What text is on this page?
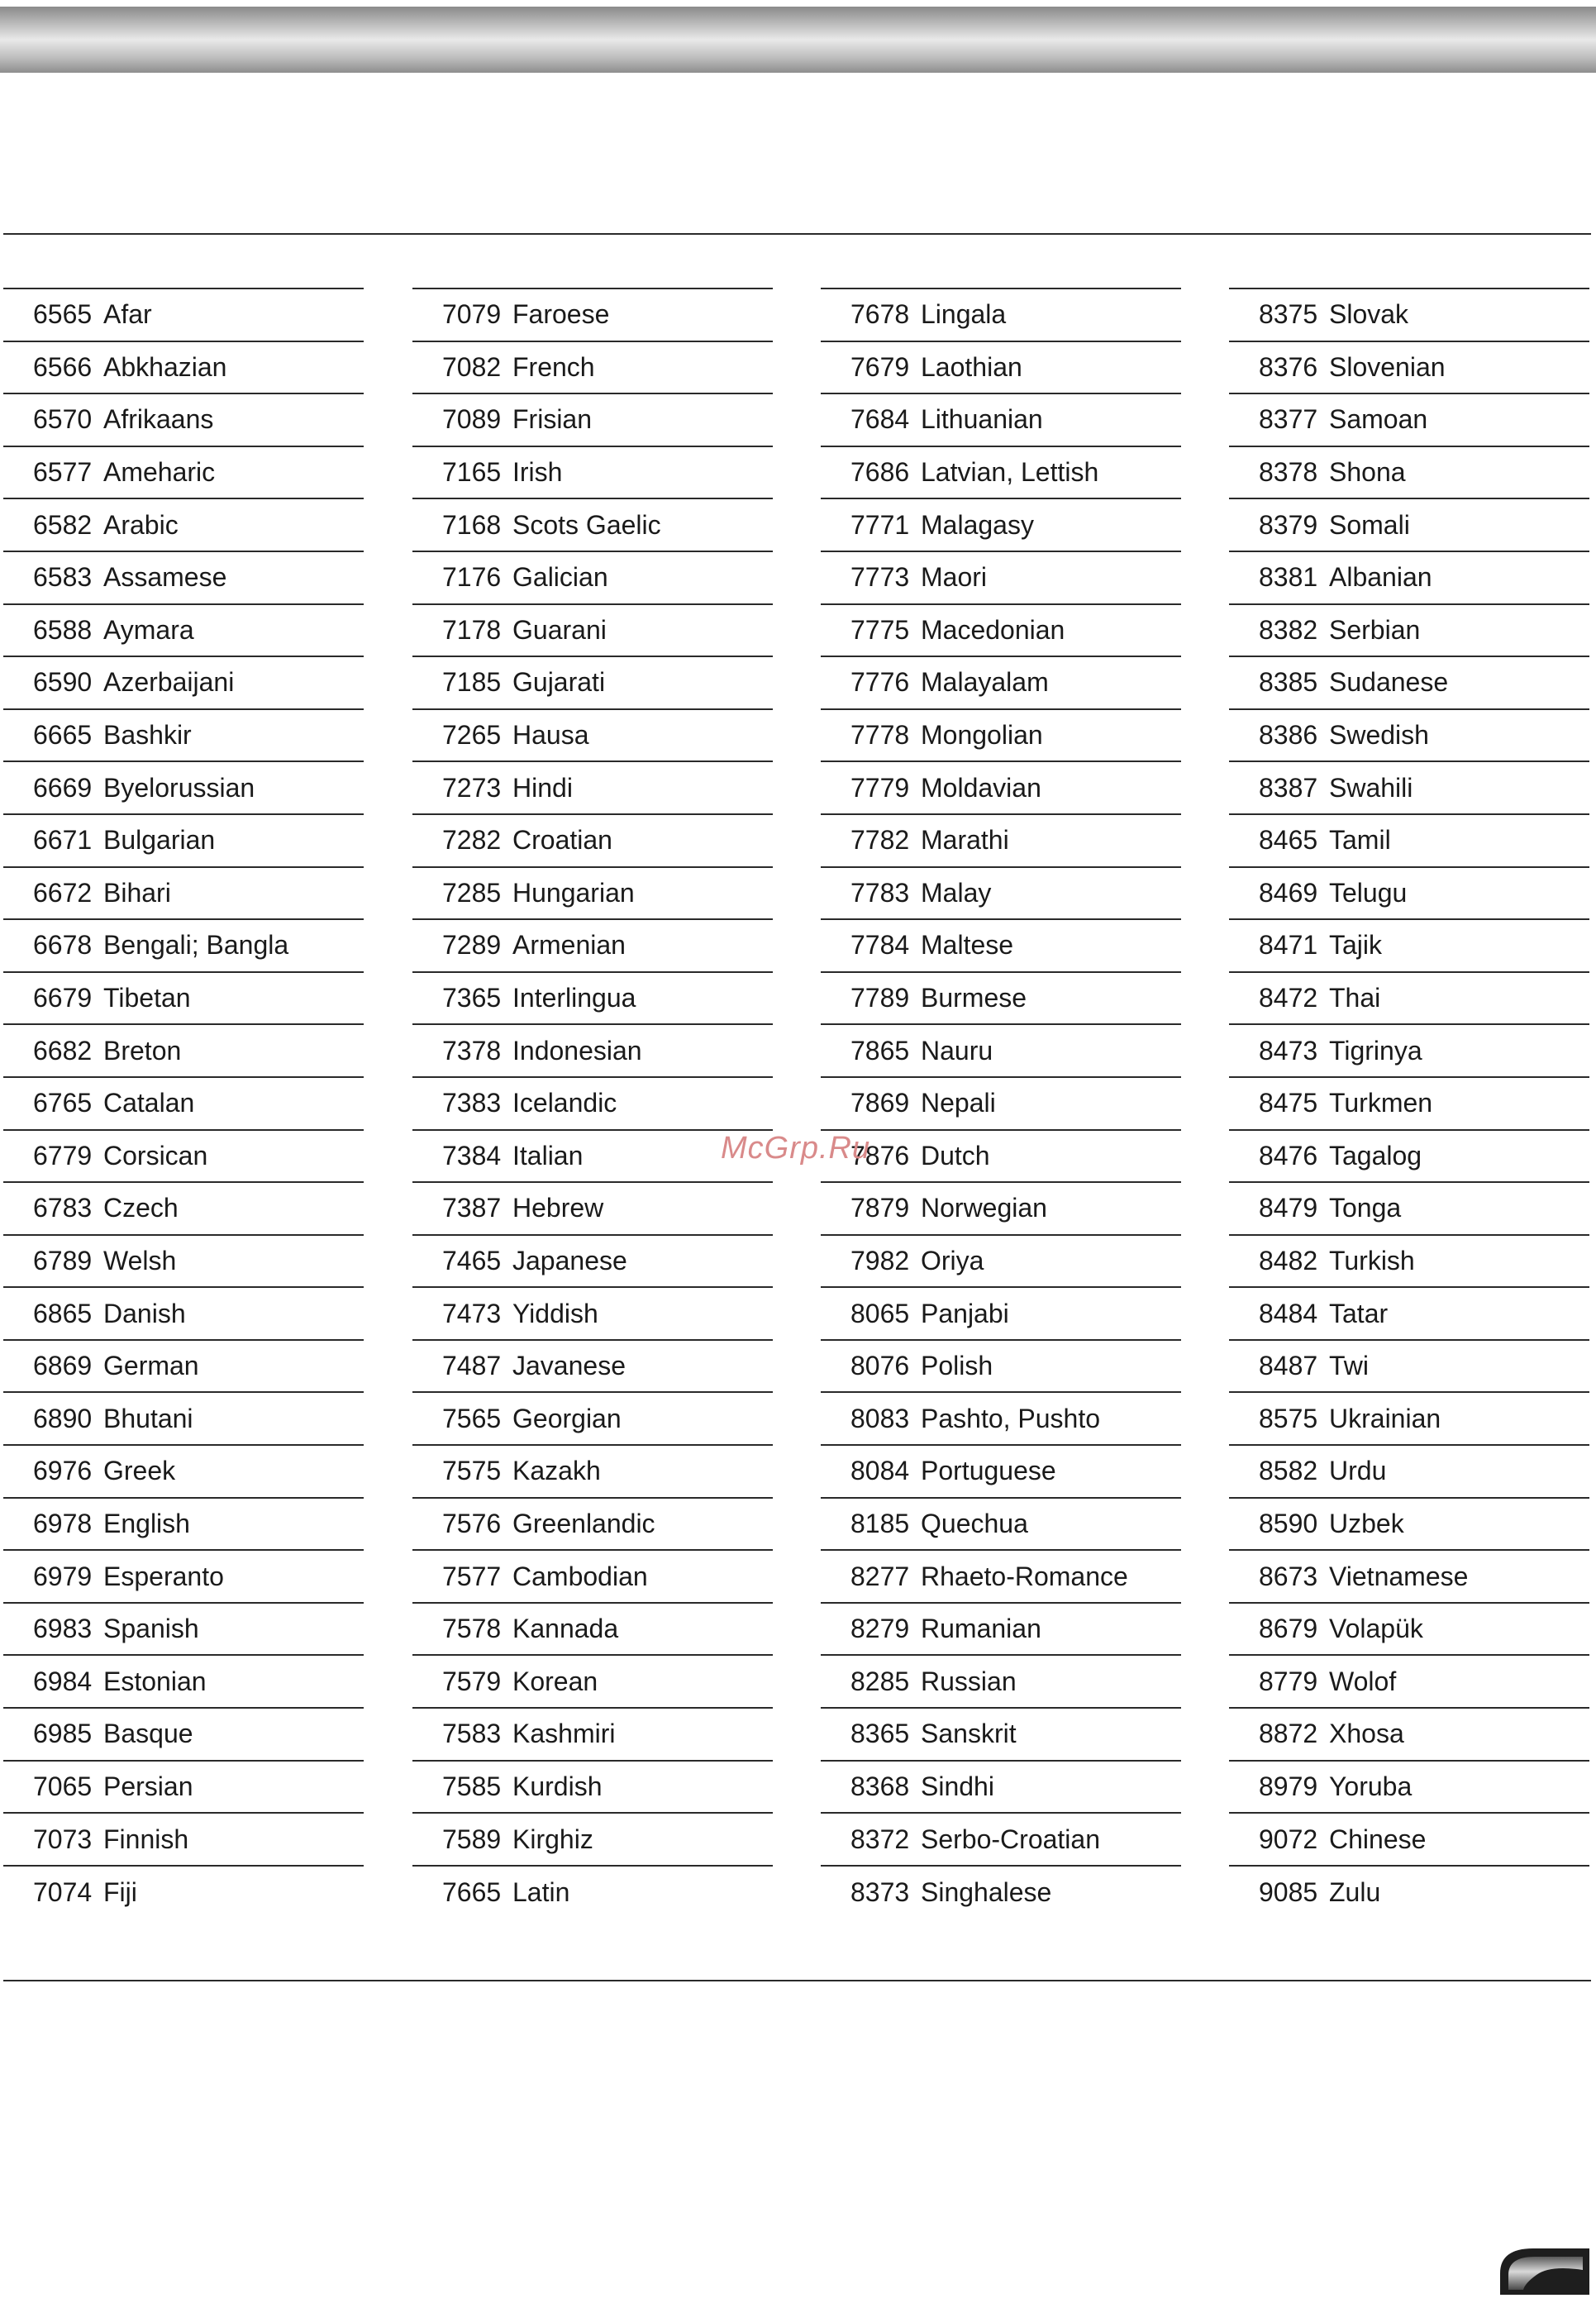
6565 Afar
6566 Abkhazian
6570 Afrikaans
6577 Ameharic
6582 Arabic
6583 Assamese
6588 Aymara
6590 Azerbaijani
6665 Bashkir
6669 Byelorussian
6671 Bulgarian
6672 Bihari
6678 Bengali; Bangla
6679 Tibetan
6682 Breton
6765 Catalan
6779 Corsican
6783 Czech
6789 Welsh
6865 Danish
6869 German
6890 Bhutani
6976 Greek
6978 English
6979 Esperanto
6983 Spanish
6984 Estonian
6985 Basque
7065 Persian
7073 Finnish
7074 Fiji
7079 Faroese
7082 French
7089 Frisian
7165 Irish
7168 Scots Gaelic
7176 Galician
7178 Guarani
7185 Gujarati
7265 Hausa
7273 Hindi
7282 Croatian
7285 Hungarian
7289 Armenian
7365 Interlingua
7378 Indonesian
7383 Icelandic
7384 Italian
7387 Hebrew
7465 Japanese
7473 Yiddish
7487 Javanese
7565 Georgian
7575 Kazakh
7576 Greenlandic
7577 Cambodian
7578 Kannada
7579 Korean
7583 Kashmiri
7585 Kurdish
7589 Kirghiz
7665 Latin
7678 Lingala
7679 Laothian
7684 Lithuanian
7686 Latvian, Lettish
7771 Malagasy
7773 Maori
7775 Macedonian
7776 Malayalam
7778 Mongolian
7779 Moldavian
7782 Marathi
7783 Malay
7784 Maltese
7789 Burmese
7865 Nauru
7869 Nepali
7876 Dutch
7879 Norwegian
7982 Oriya
8065 Panjabi
8076 Polish
8083 Pashto, Pushto
8084 Portuguese
8185 Quechua
8277 Rhaeto-Romance
8279 Rumanian
8285 Russian
8365 Sanskrit
8368 Sindhi
8372 Serbo-Croatian
8373 Singhalese
8375 Slovak
8376 Slovenian
8377 Samoan
8378 Shona
8379 Somali
8381 Albanian
8382 Serbian
8385 Sudanese
8386 Swedish
8387 Swahili
8465 Tamil
8469 Telugu
8471 Tajik
8472 Thai
8473 Tigrinya
8475 Turkmen
8476 Tagalog
8479 Tonga
8482 Turkish
8484 Tatar
8487 Twi
8575 Ukrainian
8582 Urdu
8590 Uzbek
8673 Vietnamese
8679 Volapük
8779 Wolof
8872 Xhosa
8979 Yoruba
9072 Chinese
9085 Zulu
McGrp.Ru
